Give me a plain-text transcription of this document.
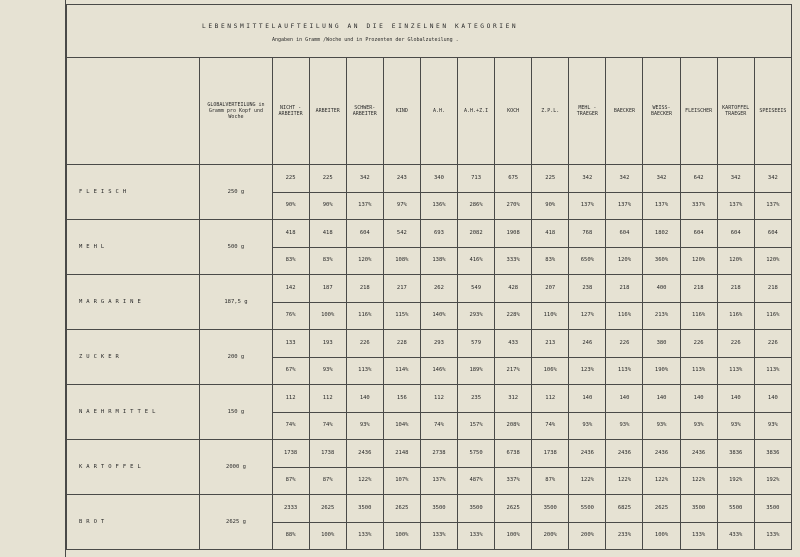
LEBENSMITTELAUFTEILUNG AN DIE EINZELNEN KATEGORIEN
Angaben in Gramm /Woche und in Prozenten der Globalzuteilung .															

	GLOBALVERTEILUNG in Gramm pro Kopf und Woche	NICHT - ARBEITER	ARBEITER	SCHWER- ARBEITER	KIND	A.H.	A.H.+Z.I	KOCH	Z.P.L.	MEHL - TRAEGER	BAECKER	WEISS- BAECKER	FLEISCHER	KARTOFFEL TRAEGER	SPEISEEIS
FLEISCH	250 g	225	225	342	243	340	713	675	225	342	342	342	642	342	342
		90%	90%	137%	97%	136%	286%	270%	90%	137%	137%	137%	337%	137%	137%
MEHL	500 g	418	418	604	542	693	2082	1908	418	768	604	1802	604	604	604
		83%	83%	120%	108%	138%	416%	333%	83%	650%	120%	360%	120%	120%	120%
MARGARINE	187,5 g	142	187	218	217	262	549	428	207	238	218	400	218	218	218
		76%	100%	116%	115%	140%	293%	228%	110%	127%	116%	213%	116%	116%	116%
ZUCKER	200 g	133	193	226	228	293	579	433	213	246	226	380	226	226	226
		67%	93%	113%	114%	146%	189%	217%	106%	123%	113%	190%	113%	113%	113%
NAEHRMITTEL	150 g	112	112	140	156	112	235	312	112	140	140	140	140	140	140
		74%	74%	93%	104%	74%	157%	208%	74%	93%	93%	93%	93%	93%	93%
KARTOFFEL	2000 g	1738	1738	2436	2148	2738	5750	6738	1738	2436	2436	2436	2436	3836	3836
		87%	87%	122%	107%	137%	487%	337%	87%	122%	122%	122%	122%	192%	192%
BROT	2625 g	2333	2625	3500	2625	3500	3500	2625	3500	5500	6825	2625	3500	5500	3500
		88%	100%	133%	100%	133%	133%	100%	200%	200%	233%	100%	133%	433%	133%
